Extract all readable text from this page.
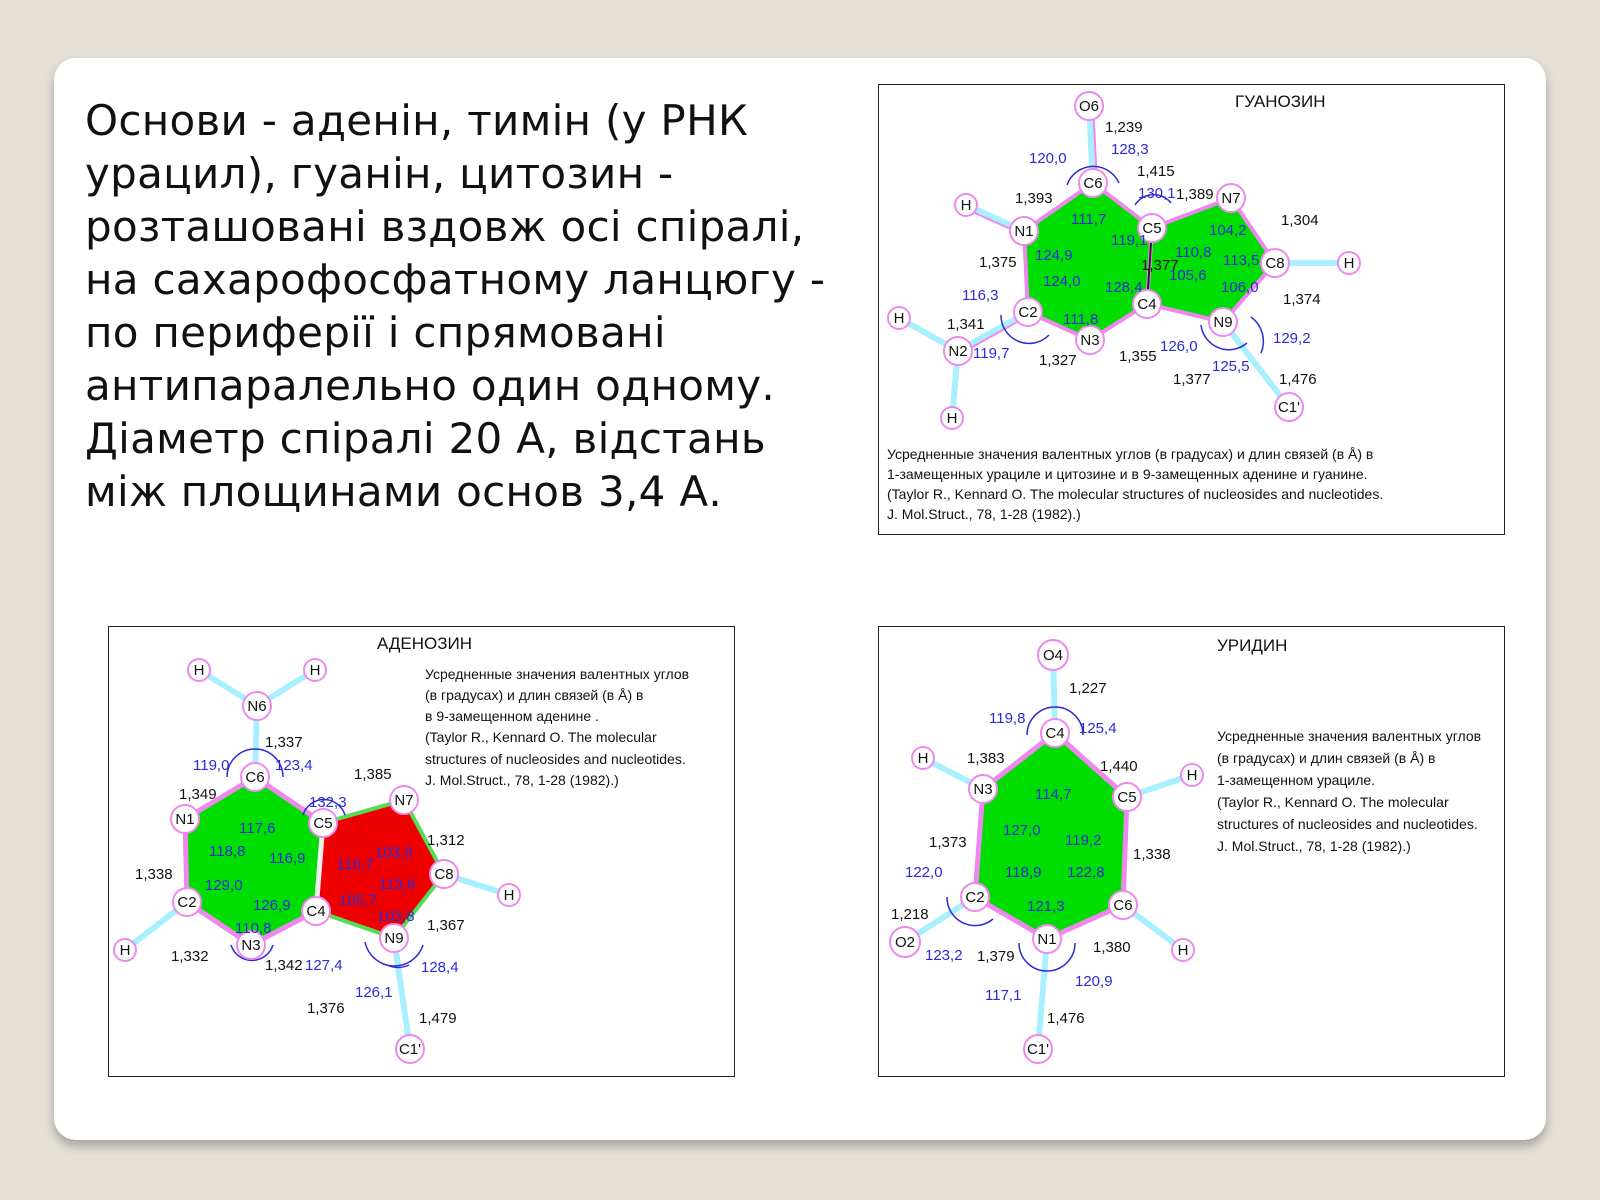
Основи - аденін, тимін (у РНК
урацил), гуанін, цитозин -
розташовані вздовж осі спіралі,
на сахарофосфатному ланцюгу -
по периферії і спрямовані
антипаралельно один одному.
Діаметр спіралі 20 А, відстань
між площинами основ 3,4 А.
O6
C6
N1
C2
N3
C4
C5
N7
C8
N9
N2
C1'
H
H
H
H
1,239
1,415
1,389
1,393
1,304
1,375	1,377
1,374
1,341
1,327	1,355
1,377	1,476
120,0
128,3
130,1
111,7
119,1
104,2
124,9	110,8 113,5
124,0	105,6
106,0
116,3	128,4
111,8
129,2
119,7	126,0
125,5
ГУАНОЗИН
Усредненные значения валентных углов (в градусах) и длин связей (в Å) в
1-замещенных урациле и цитозине и в 9-замещенных аденине и гуанине.
(Taylor R., Kennard O. The molecular structures of nucleosides and nucleotides.
J. Mol.Struct., 78, 1-28 (1982).)
N6
C6
N1
C2
N3
C4
C5
N7
C8
N9
C1'
H	H
H
H
1,337
1,385
1,349
1,312
1,338
1,367
1,332
1,342
1,376
1,479
119,0	123,4
132,3
117,6
118,8 116,9 110,7
103,9
129,0	113,6
126,9	105,7
103,8
110,8
127,4	128,4
126,1
АДЕНОЗИН
Усредненные значения валентных углов
(в градусах) и длин связей (в Å) в
в 9-замещенном аденине .
(Taylor R., Kennard O. The molecular
structures of nucleosides and nucleotides.
J. Mol.Struct., 78, 1-28 (1982).)
O4
C4
N3	C5
C2	C6
N1
O2
C1'
H
H
H
1,227
1,383	1,440
1,373
1,338
1,218
1,379
1,380
1,476
119,8
125,4
114,7
127,0
119,2
122,0	118,9 122,8
121,3
123,2
120,9
117,1
УРИДИН
Усредненные значения валентных углов
(в градусах) и длин связей (в Å) в
1-замещенном урациле.
(Taylor R., Kennard O. The molecular
structures of nucleosides and nucleotides.
J. Mol.Struct., 78, 1-28 (1982).)
